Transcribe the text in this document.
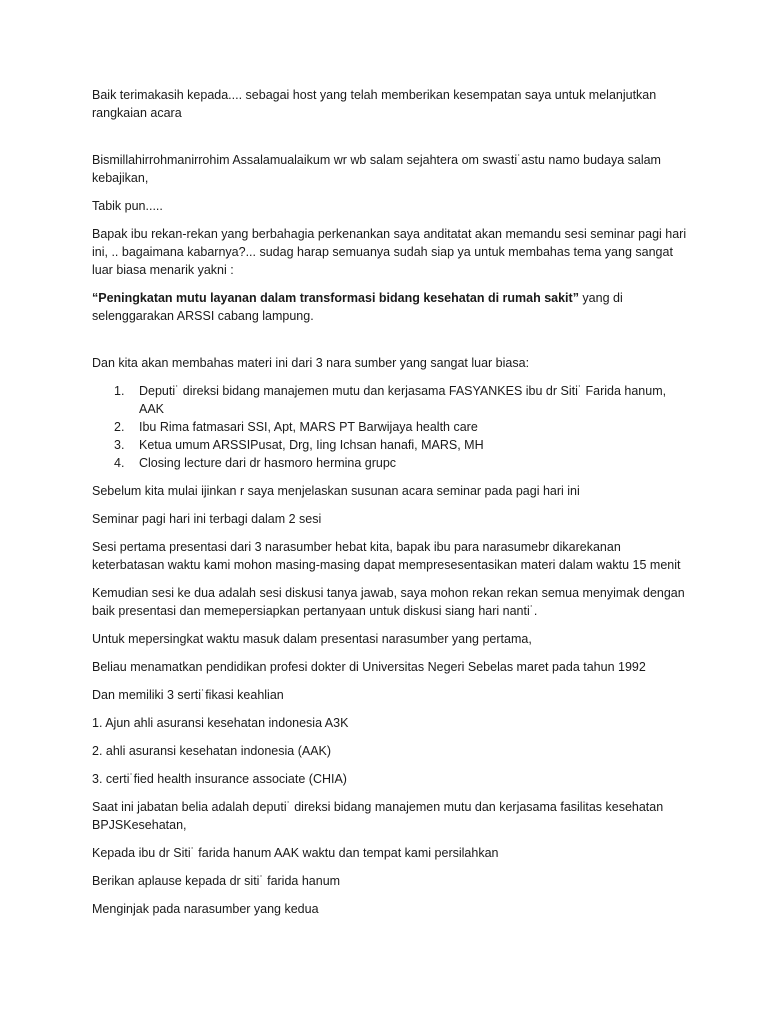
Baik terimakasih kepada.... sebagai host yang telah memberikan kesempatan saya untuk melanjutkan rangkaian acara

Bismillahirrohmanirrohim Assalamualaikum wr wb salam sejahtera om swasti˙astu namo budaya salam kebajikan,

Tabik pun.....

Bapak ibu rekan-rekan yang berbahagia perkenankan saya anditatat akan memandu sesi seminar pagi hari ini, .. bagaimana kabarnya?... sudag harap semuanya sudah siap ya untuk membahas tema yang sangat luar biasa menarik yakni :

“Peningkatan mutu layanan dalam transformasi bidang kesehatan di rumah sakit” yang di selenggarakan ARSSI cabang lampung.

Dan kita akan membahas materi ini dari 3 nara sumber yang sangat luar biasa:

1.	Deputi˙ direksi bidang manajemen mutu dan kerjasama FASYANKES ibu dr Siti˙ Farida hanum, AAK
2.	Ibu Rima fatmasari SSI, Apt, MARS PT Barwijaya health care
3.	Ketua umum ARSSIPusat, Drg, Iing Ichsan hanafi, MARS, MH
4.	Closing lecture dari dr hasmoro hermina grupc

Sebelum kita mulai ijinkan r saya menjelaskan susunan acara seminar pada pagi hari ini

Seminar pagi hari ini terbagi dalam 2 sesi

Sesi pertama presentasi dari 3 narasumber hebat kita, bapak ibu para narasumebr dikarekanan keterbatasan waktu kami mohon masing-masing dapat mempresesentasikan materi dalam waktu 15 menit

Kemudian sesi ke dua adalah sesi diskusi tanya jawab, saya mohon rekan rekan semua menyimak dengan baik presentasi dan memepersiapkan pertanyaan untuk diskusi siang hari nanti˙.

Untuk mepersingkat waktu masuk dalam presentasi narasumber yang pertama,

Beliau menamatkan pendidikan profesi dokter di Universitas Negeri Sebelas maret pada tahun 1992

Dan memiliki 3 serti˙fikasi keahlian

1. Ajun ahli asuransi kesehatan indonesia A3K

2. ahli asuransi kesehatan indonesia (AAK)

3. certi˙fied health insurance associate (CHIA)

Saat ini jabatan belia adalah deputi˙ direksi bidang manajemen mutu dan kerjasama fasilitas kesehatan BPJSKesehatan,

Kepada ibu dr Siti˙ farida hanum AAK waktu dan tempat kami persilahkan

Berikan aplause kepada dr siti˙ farida hanum

Menginjak pada narasumber yang kedua
